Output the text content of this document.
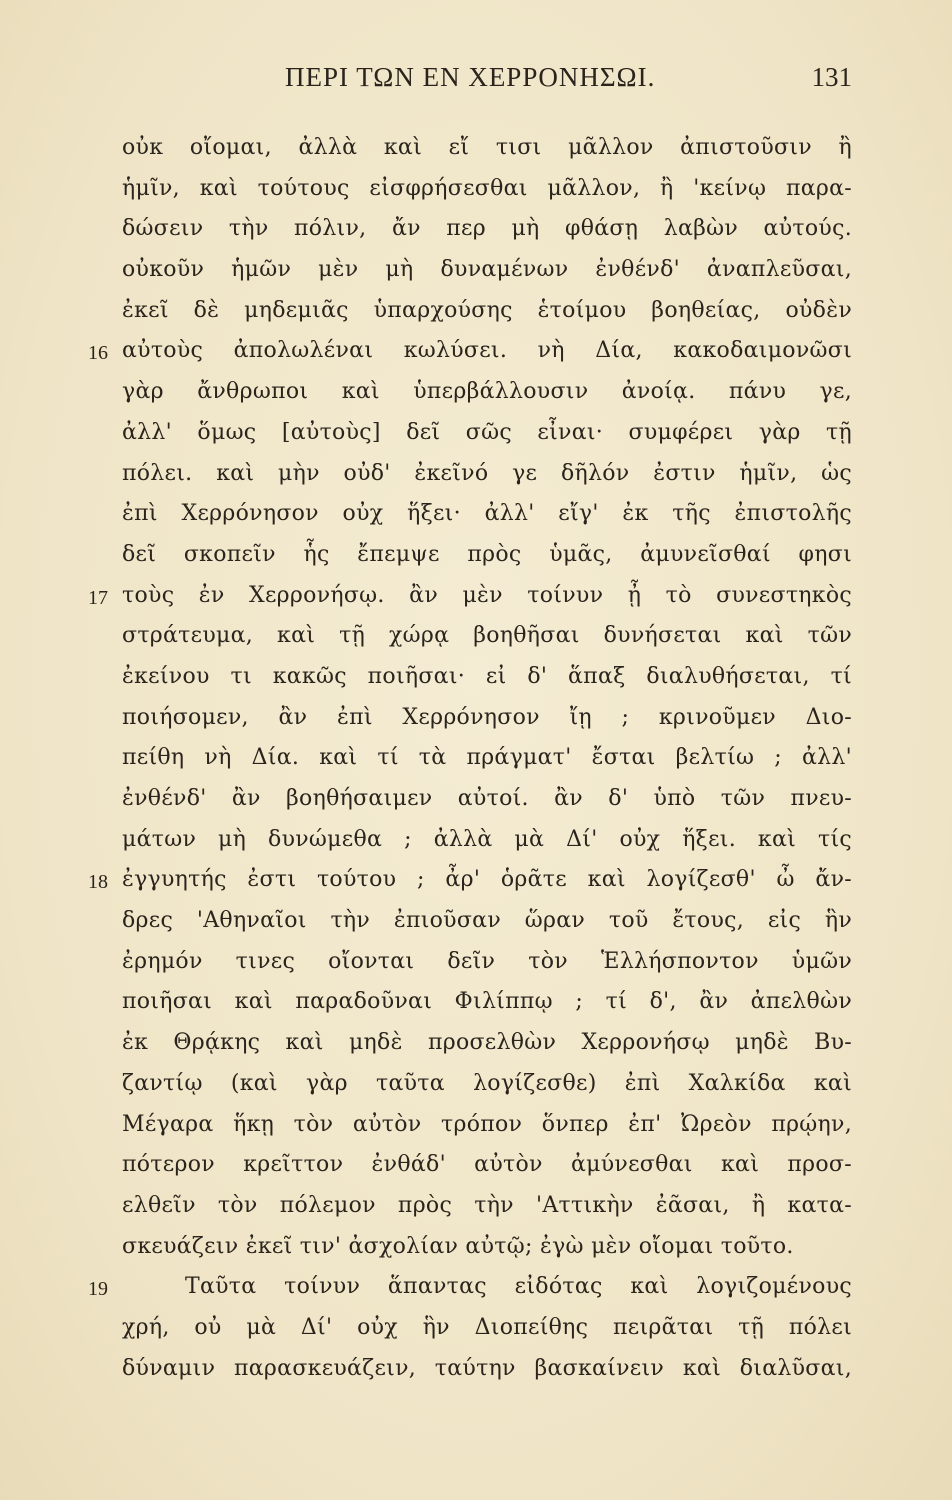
ΠΕΡΙ ΤΩΝ ΕΝ ΧΕΡΡΟΝΗΣΩΙ.	131
οὐκ οἴομαι, ἀλλὰ καὶ εἴ τισι μᾶλλον ἀπιστοῦσιν ἢ
ἡμῖν, καὶ τούτους εἰσφρήσεσθαι μᾶλλον, ἢ 'κείνῳ παρα-
δώσειν τὴν πόλιν, ἄν περ μὴ φθάσῃ λαβὼν αὐτούς.
οὐκοῦν ἡμῶν μὲν μὴ δυναμένων ἐνθένδ' ἀναπλεῦσαι,
ἐκεῖ δὲ μηδεμιᾶς ὑπαρχούσης ἑτοίμου βοηθείας, οὐδὲν
16 αὐτοὺς ἀπολωλέναι κωλύσει. νὴ Δία, κακοδαιμονῶσι
γὰρ ἄνθρωποι καὶ ὑπερβάλλουσιν ἀνοίᾳ. πάνυ γε,
ἀλλ' ὅμως [αὐτοὺς] δεῖ σῶς εἶναι· συμφέρει γὰρ τῇ
πόλει. καὶ μὴν οὐδ' ἐκεῖνό γε δῆλόν ἐστιν ἡμῖν, ὡς
ἐπὶ Χερρόνησον οὐχ ἥξει· ἀλλ' εἴγ' ἐκ τῆς ἐπιστολῆς
δεῖ σκοπεῖν ἧς ἔπεμψε πρὸς ὑμᾶς, ἀμυνεῖσθαί φησι
17 τοὺς ἐν Χερρονήσῳ. ἂν μὲν τοίνυν ᾖ τὸ συνεστηκὸς
στράτευμα, καὶ τῇ χώρᾳ βοηθῆσαι δυνήσεται καὶ τῶν
ἐκείνου τι κακῶς ποιῆσαι· εἰ δ' ἅπαξ διαλυθήσεται, τί
ποιήσομεν, ἂν ἐπὶ Χερρόνησον ἴῃ ; κρινοῦμεν Διο-
πείθη νὴ Δία. καὶ τί τὰ πράγματ' ἔσται βελτίω ; ἀλλ'
ἐνθένδ' ἂν βοηθήσαιμεν αὐτοί. ἂν δ' ὑπὸ τῶν πνευ-
μάτων μὴ δυνώμεθα ; ἀλλὰ μὰ Δί' οὐχ ἥξει. καὶ τίς
18 ἐγγυητής ἐστι τούτου ; ἆρ' ὁρᾶτε καὶ λογίζεσθ' ὦ ἄν-
δρες 'Αθηναῖοι τὴν ἐπιοῦσαν ὥραν τοῦ ἔτους, εἰς ἣν
ἐρημόν τινες οἴονται δεῖν τὸν Ἑλλήσποντον ὑμῶν
ποιῆσαι καὶ παραδοῦναι Φιλίππῳ ; τί δ', ἂν ἀπελθὼν
ἐκ Θρᾴκης καὶ μηδὲ προσελθὼν Χερρονήσῳ μηδὲ Βυ-
ζαντίῳ (καὶ γὰρ ταῦτα λογίζεσθε) ἐπὶ Χαλκίδα καὶ
Μέγαρα ἥκῃ τὸν αὐτὸν τρόπον ὅνπερ ἐπ' Ὠρεὸν πρῴην,
πότερον κρεῖττον ἐνθάδ' αὐτὸν ἀμύνεσθαι καὶ προσ-
ελθεῖν τὸν πόλεμον πρὸς τὴν 'Αττικὴν ἐᾶσαι, ἢ κατα-
σκευάζειν ἐκεῖ τιν' ἀσχολίαν αὐτῷ; ἐγὼ μὲν οἴομαι τοῦτο.
19	Ταῦτα τοίνυν ἅπαντας εἰδότας καὶ λογιζομένους
χρή, οὐ μὰ Δί' οὐχ ἣν Διοπείθης πειρᾶται τῇ πόλει
δύναμιν παρασκευάζειν, ταύτην βασκαίνειν καὶ διαλῦσαι,
